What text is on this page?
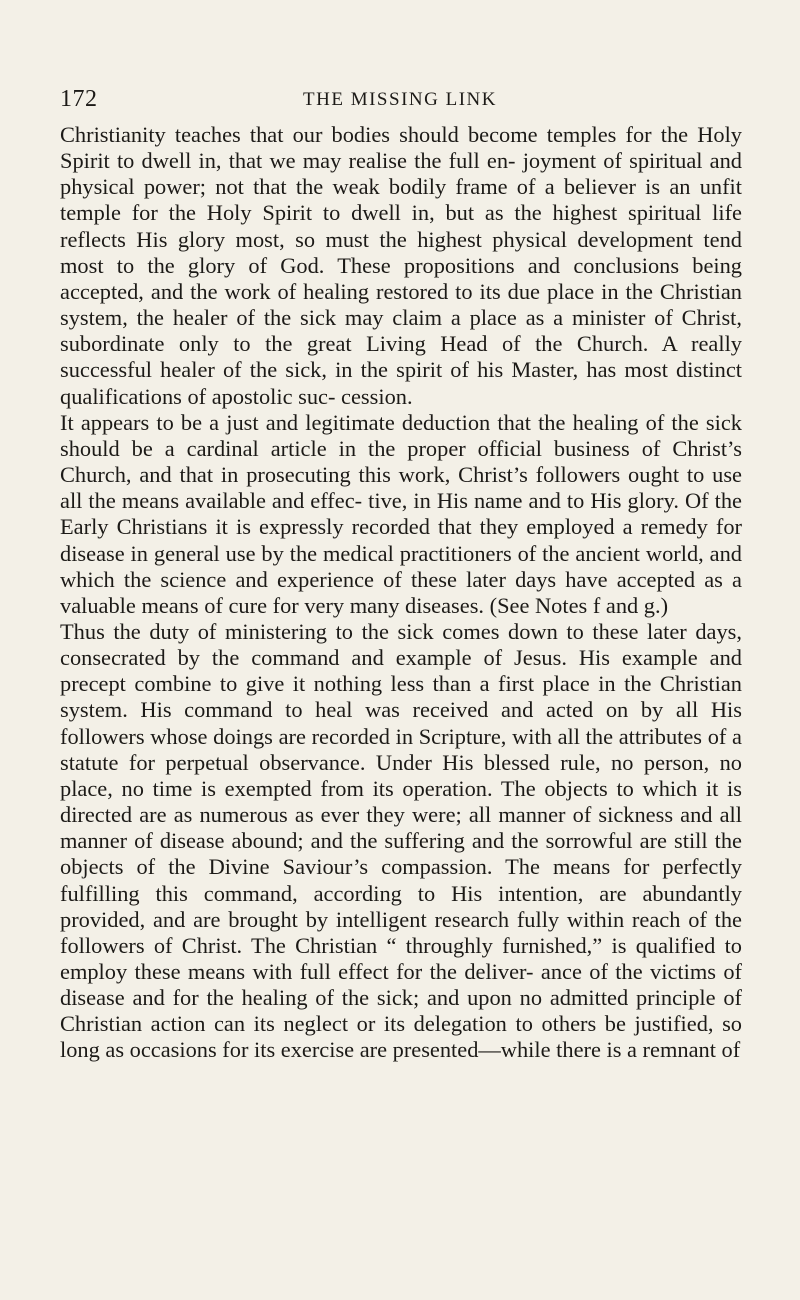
172	THE MISSING LINK

Christianity teaches that our bodies should become temples for the Holy Spirit to dwell in, that we may realise the full en- joyment of spiritual and physical power; not that the weak bodily frame of a believer is an unfit temple for the Holy Spirit to dwell in, but as the highest spiritual life reflects His glory most, so must the highest physical development tend most to the glory of God. These propositions and conclusions being accepted, and the work of healing restored to its due place in the Christian system, the healer of the sick may claim a place as a minister of Christ, subordinate only to the great Living Head of the Church. A really successful healer of the sick, in the spirit of his Master, has most distinct qualifications of apostolic suc- cession.

It appears to be a just and legitimate deduction that the healing of the sick should be a cardinal article in the proper official business of Christ’s Church, and that in prosecuting this work, Christ’s followers ought to use all the means available and effec- tive, in His name and to His glory. Of the Early Christians it is expressly recorded that they employed a remedy for disease in general use by the medical practitioners of the ancient world, and which the science and experience of these later days have accepted as a valuable means of cure for very many diseases. (See Notes f and g.)

Thus the duty of ministering to the sick comes down to these later days, consecrated by the command and example of Jesus. His example and precept combine to give it nothing less than a first place in the Christian system. His command to heal was received and acted on by all His followers whose doings are recorded in Scripture, with all the attributes of a statute for perpetual observance. Under His blessed rule, no person, no place, no time is exempted from its operation. The objects to which it is directed are as numerous as ever they were; all manner of sickness and all manner of disease abound; and the suffering and the sorrowful are still the objects of the Divine Saviour’s compassion. The means for perfectly fulfilling this command, according to His intention, are abundantly provided, and are brought by intelligent research fully within reach of the followers of Christ. The Christian “ throughly furnished,” is qualified to employ these means with full effect for the deliver- ance of the victims of disease and for the healing of the sick; and upon no admitted principle of Christian action can its neglect or its delegation to others be justified, so long as occasions for its exercise are presented—while there is a remnant of
